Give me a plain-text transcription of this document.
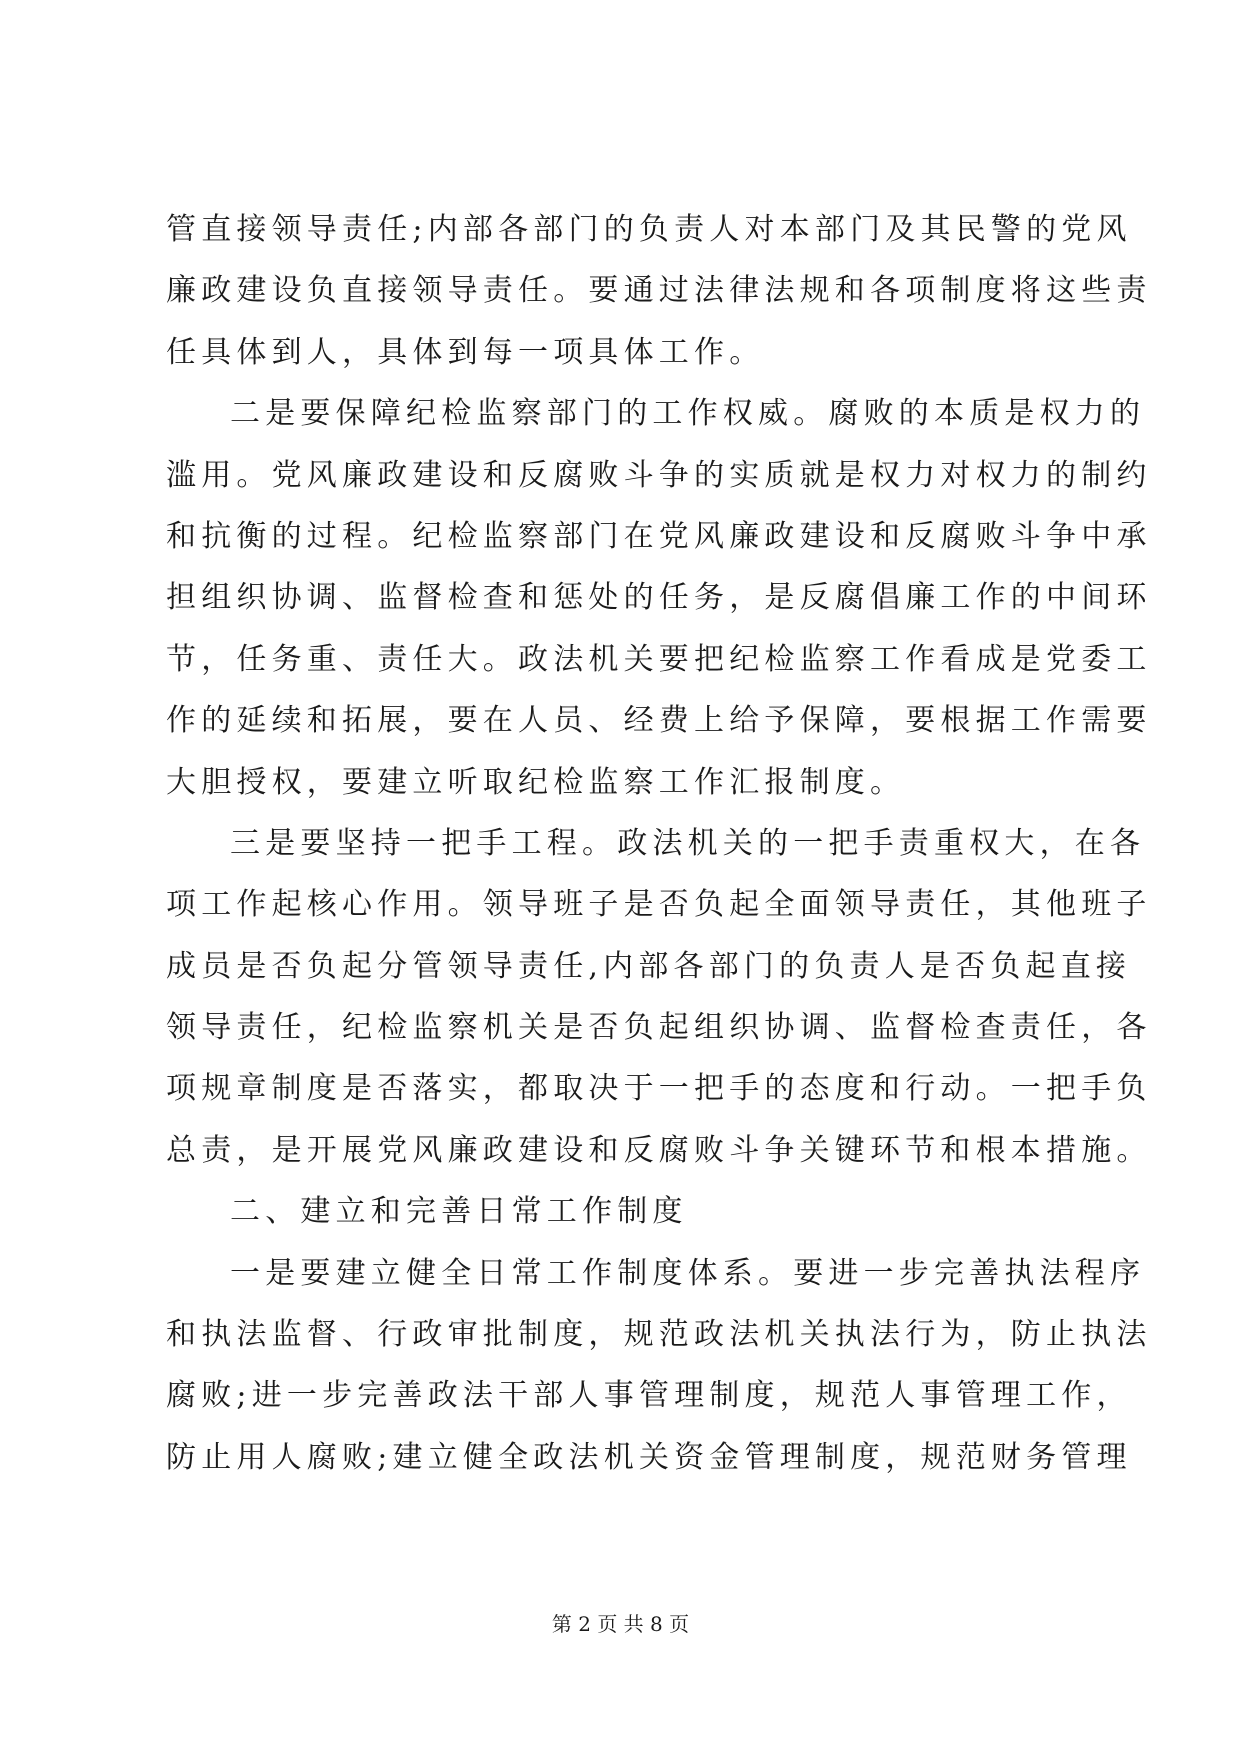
管直接领导责任;内部各部门的负责人对本部门及其民警的党风
廉政建设负直接领导责任。要通过法律法规和各项制度将这些责
任具体到人，具体到每一项具体工作。
二是要保障纪检监察部门的工作权威。腐败的本质是权力的
滥用。党风廉政建设和反腐败斗争的实质就是权力对权力的制约
和抗衡的过程。纪检监察部门在党风廉政建设和反腐败斗争中承
担组织协调、监督检查和惩处的任务，是反腐倡廉工作的中间环
节，任务重、责任大。政法机关要把纪检监察工作看成是党委工
作的延续和拓展，要在人员、经费上给予保障，要根据工作需要
大胆授权，要建立听取纪检监察工作汇报制度。
三是要坚持一把手工程。政法机关的一把手责重权大，在各
项工作起核心作用。领导班子是否负起全面领导责任，其他班子
成员是否负起分管领导责任,内部各部门的负责人是否负起直接
领导责任，纪检监察机关是否负起组织协调、监督检查责任，各
项规章制度是否落实，都取决于一把手的态度和行动。一把手负
总责，是开展党风廉政建设和反腐败斗争关键环节和根本措施。
二、建立和完善日常工作制度
一是要建立健全日常工作制度体系。要进一步完善执法程序
和执法监督、行政审批制度，规范政法机关执法行为，防止执法
腐败;进一步完善政法干部人事管理制度，规范人事管理工作，
防止用人腐败;建立健全政法机关资金管理制度，规范财务管理
第 2 页 共 8 页
